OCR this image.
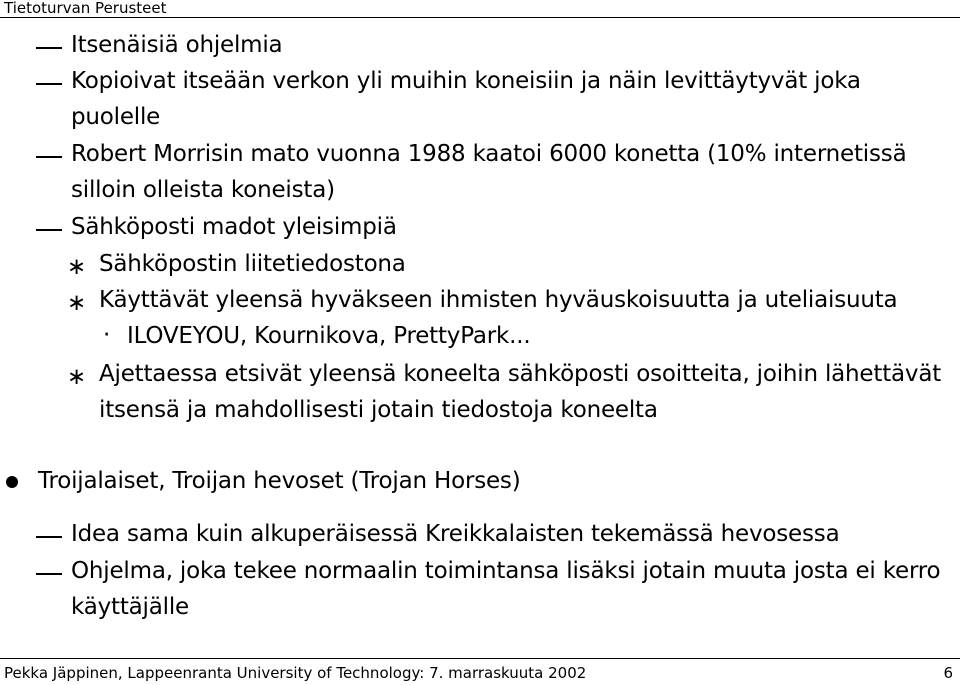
Tietoturvan Perusteet
Itsenäisiä ohjelmia
Kopioivat itseään verkon yli muihin koneisiin ja näin levittäytyvät joka
puolelle
Robert Morrisin mato vuonna 1988 kaatoi 6000 konetta (10% internetissä
silloin olleista koneista)
Sähköposti madot yleisimpiä
∗ Sähköpostin liitetiedostona
∗ Käyttävät yleensä hyväkseen ihmisten hyväuskoisuutta ja uteliaisuuta
· ILOVEYOU, Kournikova, PrettyPark...
∗ Ajettaessa etsivät yleensä koneelta sähköposti osoitteita, joihin lähettävät
itsensä ja mahdollisesti jotain tiedostoja koneelta
Troijalaiset, Troijan hevoset (Trojan Horses)
Idea sama kuin alkuperäisessä Kreikkalaisten tekemässä hevosessa
Ohjelma, joka tekee normaalin toimintansa lisäksi jotain muuta josta ei kerro
käyttäjälle
Pekka Jäppinen, Lappeenranta University of Technology: 7. marraskuuta 2002	6
